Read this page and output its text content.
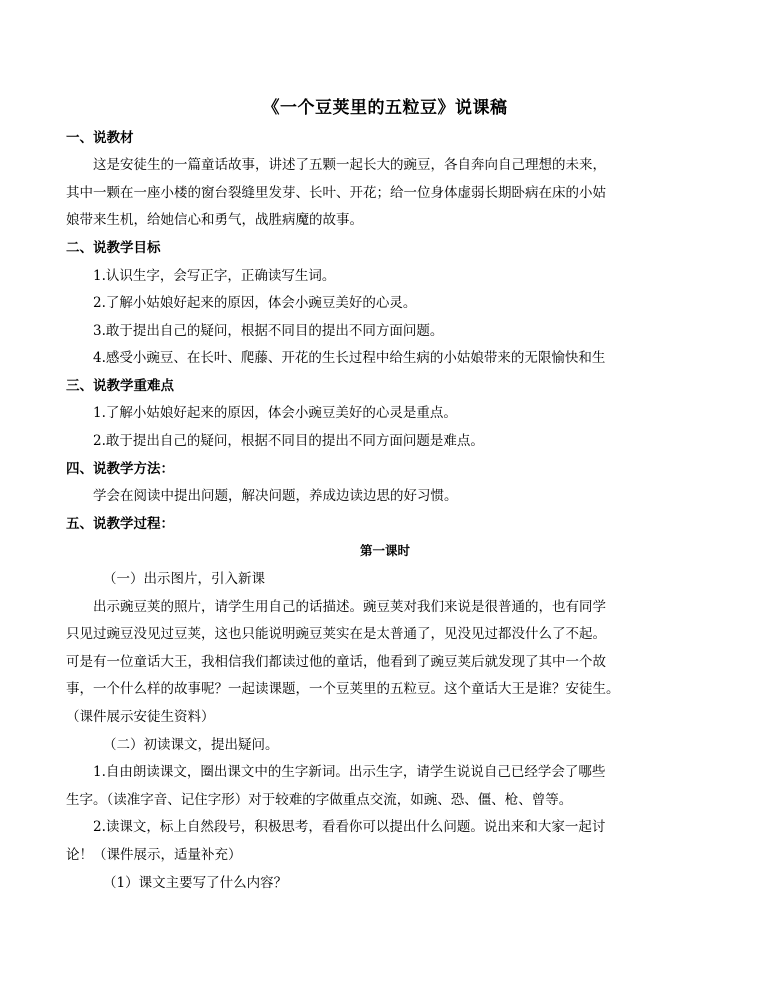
《一个豆荚里的五粒豆》说课稿
一、说教材
这是安徒生的一篇童话故事，讲述了五颗一起长大的豌豆，各自奔向自己理想的未来，
其中一颗在一座小楼的窗台裂缝里发芽、长叶、开花；给一位身体虚弱长期卧病在床的小姑
娘带来生机，给她信心和勇气，战胜病魔的故事。
二、说教学目标
1.认识生字，会写正字，正确读写生词。
2.了解小姑娘好起来的原因，体会小豌豆美好的心灵。
3.敢于提出自己的疑问，根据不同目的提出不同方面问题。
4.感受小豌豆、在长叶、爬藤、开花的生长过程中给生病的小姑娘带来的无限愉快和生
三、说教学重难点
1.了解小姑娘好起来的原因，体会小豌豆美好的心灵是重点。
2.敢于提出自己的疑问，根据不同目的提出不同方面问题是难点。
四、说教学方法：
学会在阅读中提出问题，解决问题，养成边读边思的好习惯。
五、说教学过程：
第一课时
（一）出示图片，引入新课
出示豌豆荚的照片，请学生用自己的话描述。豌豆荚对我们来说是很普通的，也有同学
只见过豌豆没见过豆荚，这也只能说明豌豆荚实在是太普通了，见没见过都没什么了不起。
可是有一位童话大王，我相信我们都读过他的童话，他看到了豌豆荚后就发现了其中一个故
事，一个什么样的故事呢？一起读课题，一个豆荚里的五粒豆。这个童话大王是谁？安徒生。
（课件展示安徒生资料）
（二）初读课文，提出疑问。
1.自由朗读课文，圈出课文中的生字新词。出示生字，请学生说说自己已经学会了哪些
生字。（读准字音、记住字形）对于较难的字做重点交流，如豌、恐、僵、枪、曾等。
2.读课文，标上自然段号，积极思考，看看你可以提出什么问题。说出来和大家一起讨
论！（课件展示，适量补充）
（1）课文主要写了什么内容？
